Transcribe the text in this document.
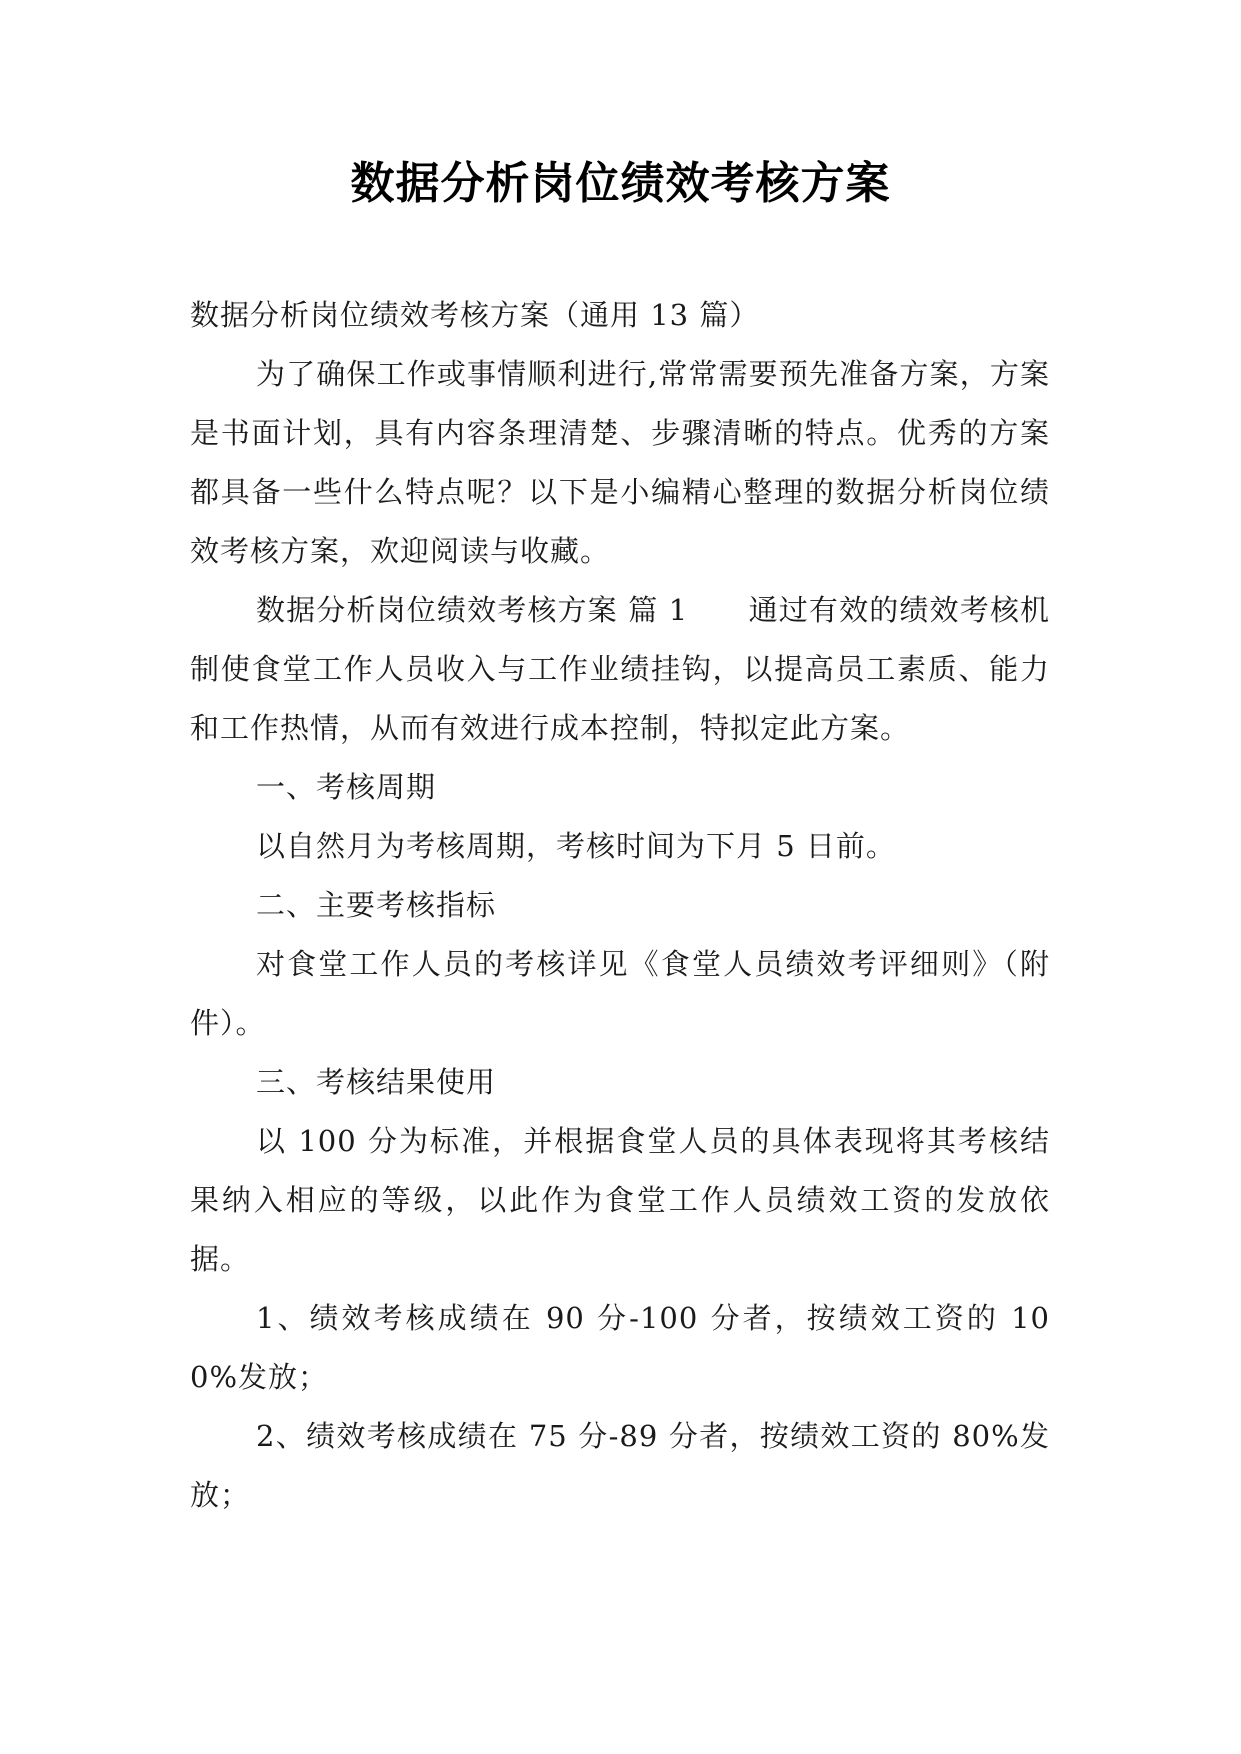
数据分析岗位绩效考核方案

数据分析岗位绩效考核方案（通用 13 篇）

为了确保工作或事情顺利进行,常常需要预先准备方案，方案是书面计划，具有内容条理清楚、步骤清晰的特点。优秀的方案都具备一些什么特点呢？以下是小编精心整理的数据分析岗位绩效考核方案，欢迎阅读与收藏。

数据分析岗位绩效考核方案 篇 1　　通过有效的绩效考核机制使食堂工作人员收入与工作业绩挂钩，以提高员工素质、能力和工作热情，从而有效进行成本控制，特拟定此方案。

一、考核周期

以自然月为考核周期，考核时间为下月 5 日前。

二、主要考核指标

对食堂工作人员的考核详见《食堂人员绩效考评细则》（附件）。

三、考核结果使用

以 100 分为标准，并根据食堂人员的具体表现将其考核结果纳入相应的等级，以此作为食堂工作人员绩效工资的发放依据。

1、绩效考核成绩在 90 分-100 分者，按绩效工资的 100%发放；

2、绩效考核成绩在 75 分-89 分者，按绩效工资的 80%发放；
